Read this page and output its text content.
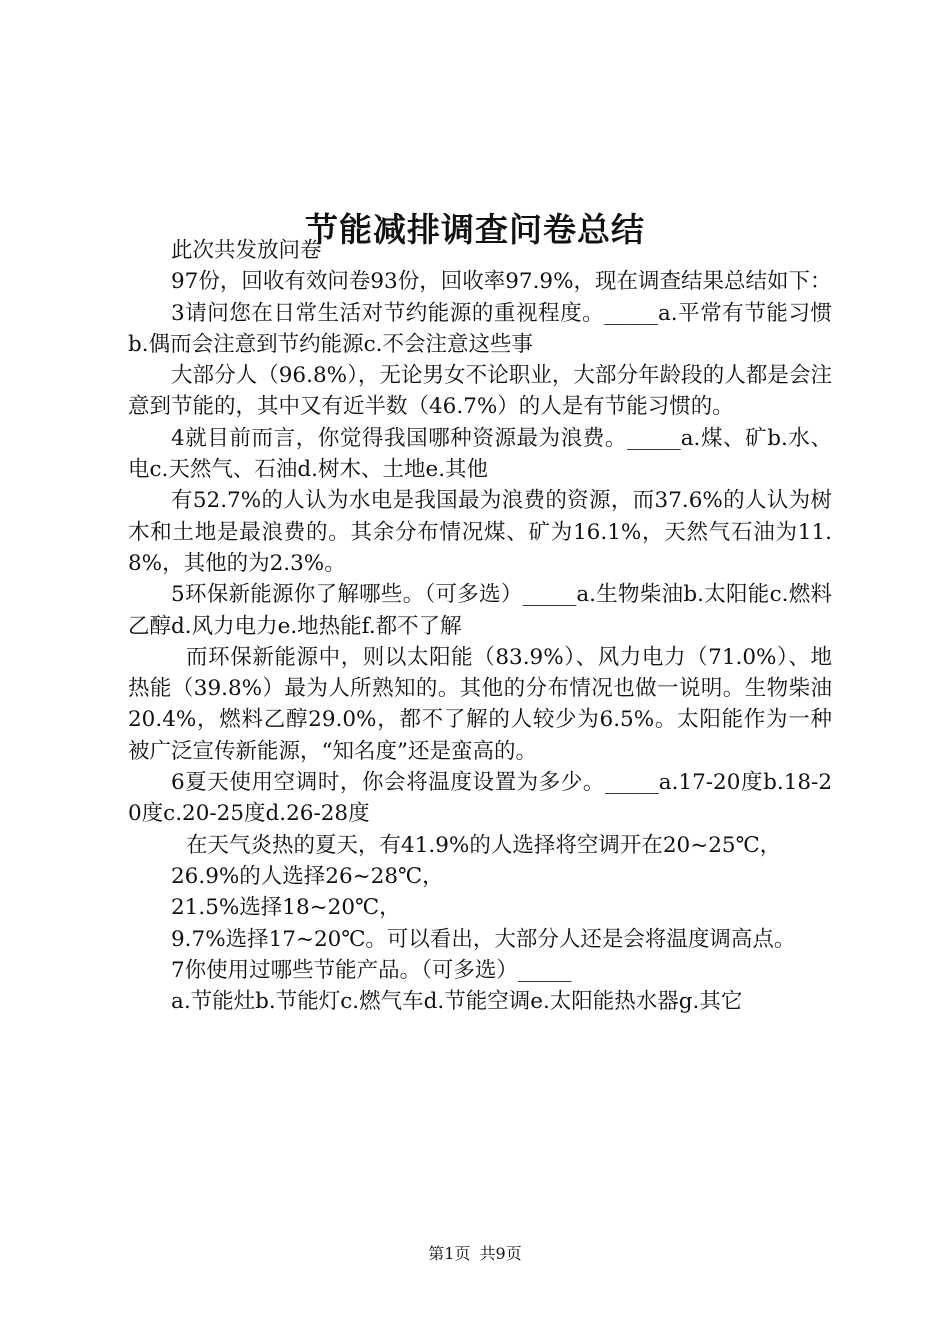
节能减排调查问卷总结

此次共发放问卷

97份，回收有效问卷93份，回收率97.9%，现在调查结果总结如下：

3请问您在日常生活对节约能源的重视程度。_____a.平常有节能习惯b.偶而会注意到节约能源c.不会注意这些事

大部分人（96.8%），无论男女不论职业，大部分年龄段的人都是会注意到节能的，其中又有近半数（46.7%）的人是有节能习惯的。

4就目前而言，你觉得我国哪种资源最为浪费。_____a.煤、矿b.水、电c.天然气、石油d.树木、土地e.其他

有52.7%的人认为水电是我国最为浪费的资源，而37.6%的人认为树木和土地是最浪费的。其余分布情况煤、矿为16.1%，天然气石油为11.8%，其他的为2.3%。

5环保新能源你了解哪些。（可多选）_____a.生物柴油b.太阳能c.燃料乙醇d.风力电力e.地热能f.都不了解

而环保新能源中，则以太阳能（83.9%）、风力电力（71.0%）、地热能（39.8%）最为人所熟知的。其他的分布情况也做一说明。生物柴油20.4%，燃料乙醇29.0%，都不了解的人较少为6.5%。太阳能作为一种被广泛宣传新能源，“知名度”还是蛮高的。

6夏天使用空调时，你会将温度设置为多少。_____a.17-20度b.18-20度c.20-25度d.26-28度

在天气炎热的夏天，有41.9%的人选择将空调开在20~25℃，

26.9%的人选择26~28℃，

21.5%选择18~20℃，

9.7%选择17~20℃。可以看出，大部分人还是会将温度调高点。

7你使用过哪些节能产品。（可多选）_____

a.节能灶b.节能灯c.燃气车d.节能空调e.太阳能热水器g.其它

第1页 共9页
